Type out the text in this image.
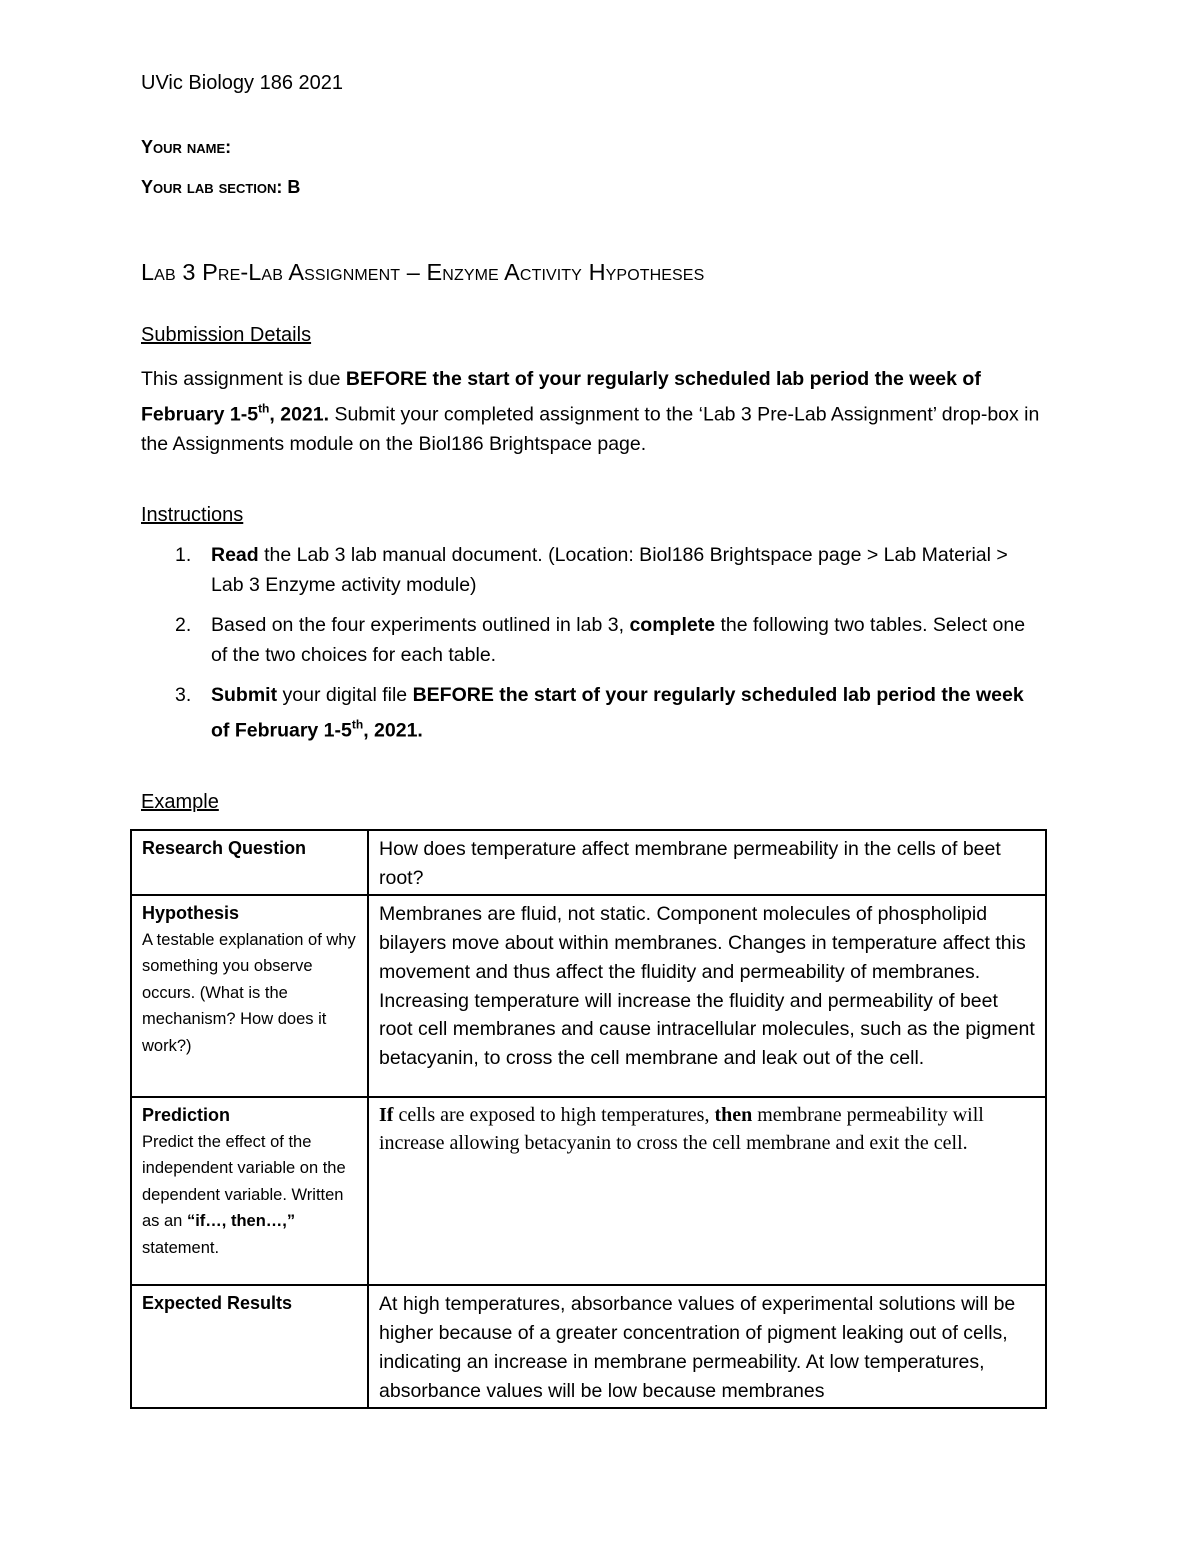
UVic Biology 186 2021
Your name:
Your lab section: B
Lab 3 Pre-Lab Assignment – Enzyme Activity Hypotheses
Submission Details
This assignment is due BEFORE the start of your regularly scheduled lab period the week of February 1-5th, 2021. Submit your completed assignment to the ‘Lab 3 Pre-Lab Assignment’ drop-box in the Assignments module on the Biol186 Brightspace page.
Instructions
1. Read the Lab 3 lab manual document. (Location: Biol186 Brightspace page > Lab Material > Lab 3 Enzyme activity module)
2. Based on the four experiments outlined in lab 3, complete the following two tables. Select one of the two choices for each table.
3. Submit your digital file BEFORE the start of your regularly scheduled lab period the week of February 1-5th, 2021.
Example
Research Question	How does temperature affect membrane permeability in the cells of beet root?

Hypothesis
A testable explanation of why something you observe occurs. (What is the mechanism? How does it work?)	Membranes are fluid, not static. Component molecules of phospholipid bilayers move about within membranes. Changes in temperature affect this movement and thus affect the fluidity and permeability of membranes. Increasing temperature will increase the fluidity and permeability of beet root cell membranes and cause intracellular molecules, such as the pigment betacyanin, to cross the cell membrane and leak out of the cell.

Prediction
Predict the effect of the independent variable on the dependent variable. Written as an “if…, then…,” statement.	If cells are exposed to high temperatures, then membrane permeability will increase allowing betacyanin to cross the cell membrane and exit the cell.

Expected Results	At high temperatures, absorbance values of experimental solutions will be higher because of a greater concentration of pigment leaking out of cells, indicating an increase in membrane permeability. At low temperatures, absorbance values will be low because membranes
